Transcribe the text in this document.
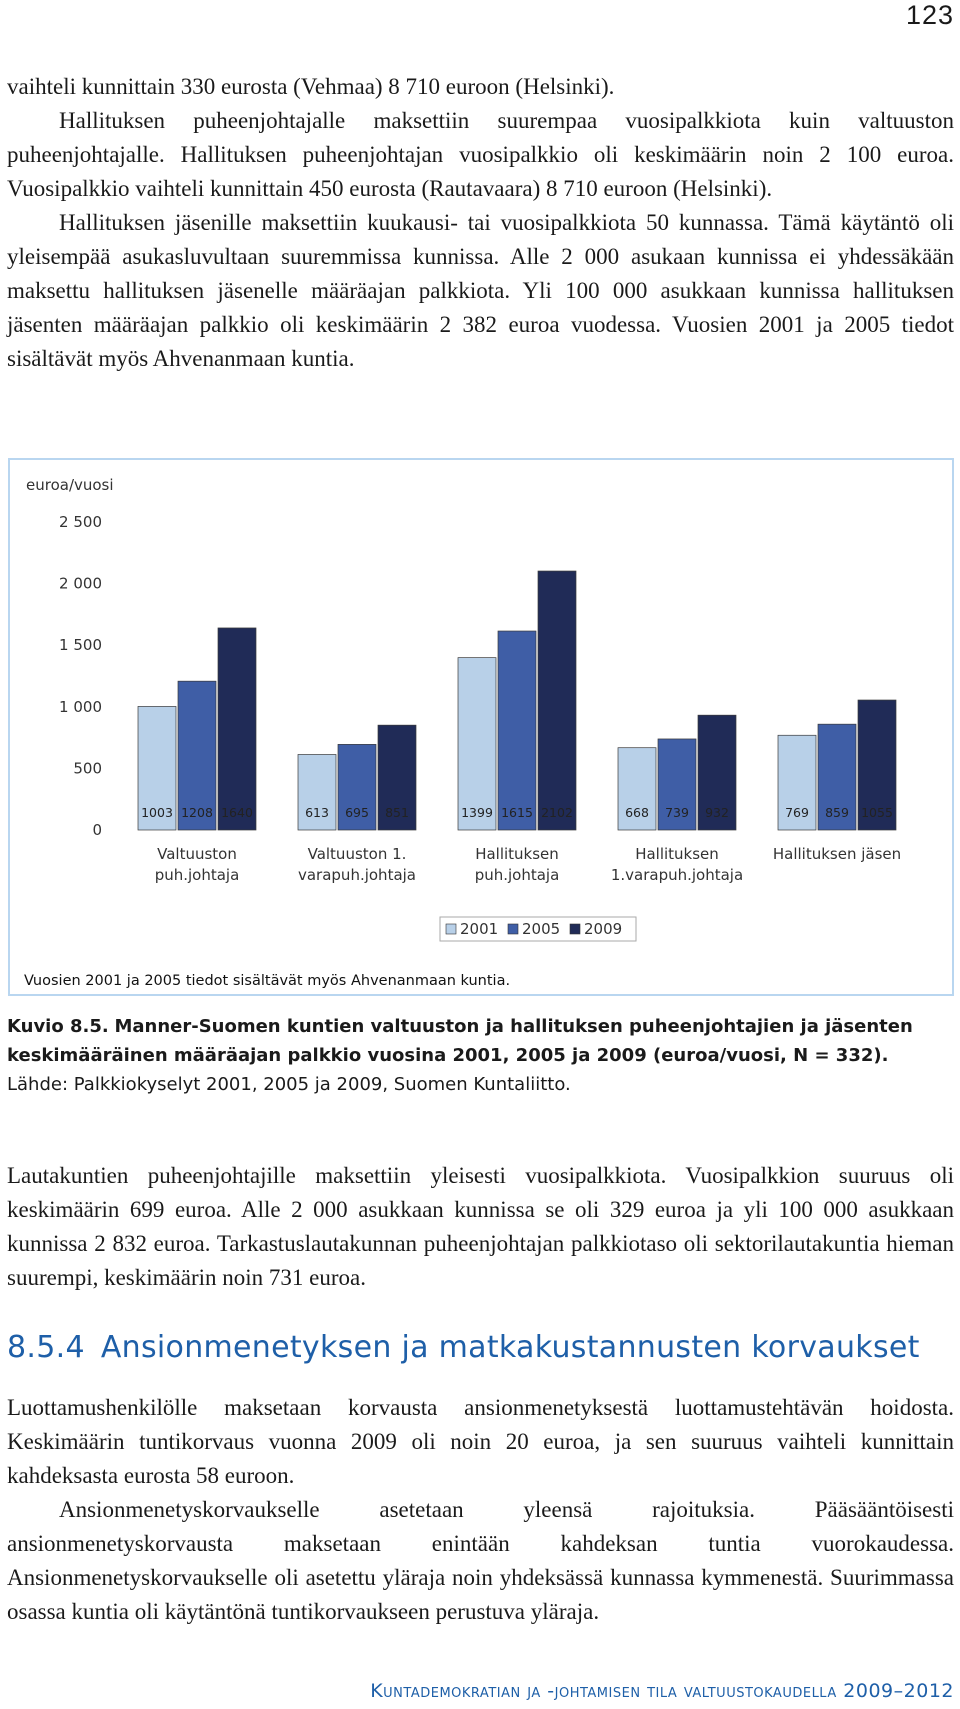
123

vaihteli kunnittain 330 eurosta (Vehmaa) 8 710 euroon (Helsinki).

Hallituksen puheenjohtajalle maksettiin suurempaa vuosipalkkiota kuin valtuuston puheenjohtajalle. Hallituksen puheenjohtajan vuosipalkkio oli keskimäärin noin 2 100 euroa. Vuosipalkkio vaihteli kunnittain 450 eurosta (Rautavaara) 8 710 euroon (Helsinki).

Hallituksen jäsenille maksettiin kuukausi- tai vuosipalkkiota 50 kunnassa. Tämä käytäntö oli yleisempää asukasluvultaan suuremmissa kunnissa. Alle 2 000 asukaan kunnissa ei yhdessäkään maksettu hallituksen jäsenelle määräajan palkkiota. Yli 100 000 asukkaan kunnissa hallituksen jäsenten määräajan palkkio oli keskimäärin 2 382 euroa vuodessa. Vuosien 2001 ja 2005 tiedot sisältävät myös Ahvenanmaan kuntia.

euroa/vuosi
0
500
1 000
1 500
2 000
2 500
1003 1208 1640
Valtuuston
puh.johtaja
613 695 851
Valtuuston 1.
varapuh.johtaja
1399 1615 2102
Hallituksen
puh.johtaja
668 739 932
Hallituksen
1.varapuh.johtaja
769 859 1055
Hallituksen jäsen
2001 2005 2009
Vuosien 2001 ja 2005 tiedot sisältävät myös Ahvenanmaan kuntia.
Kuvio 8.5. Manner-Suomen kuntien valtuuston ja hallituksen puheenjohtajien ja jäsenten keskimääräinen määräajan palkkio vuosina 2001, 2005 ja 2009 (euroa/vuosi, N = 332). Lähde: Palkkiokyselyt 2001, 2005 ja 2009, Suomen Kuntaliitto.

Lautakuntien puheenjohtajille maksettiin yleisesti vuosipalkkiota. Vuosipalkkion suuruus oli keskimäärin 699 euroa. Alle 2 000 asukkaan kunnissa se oli 329 euroa ja yli 100 000 asukkaan kunnissa 2 832 euroa. Tarkastuslautakunnan puheenjohtajan palkkiotaso oli sektorilautakuntia hieman suurempi, keskimäärin noin 731 euroa.

8.5.4 Ansionmenetyksen ja matkakustannusten korvaukset

Luottamushenkilölle maksetaan korvausta ansionmenetyksestä luottamustehtävän hoidosta. Keskimäärin tuntikorvaus vuonna 2009 oli noin 20 euroa, ja sen suuruus vaihteli kunnittain kahdeksasta eurosta 58 euroon.

Ansionmenetyskorvaukselle asetetaan yleensä rajoituksia. Pääsääntöisesti ansionmenetyskorvausta maksetaan enintään kahdeksan tuntia vuorokaudessa. Ansionmenetyskorvaukselle oli asetettu yläraja noin yhdeksässä kunnassa kymmenestä. Suurimmassa osassa kuntia oli käytäntönä tuntikorvaukseen perustuva yläraja.

Kuntademokratian ja -johtamisen tila valtuustokaudella 2009–2012
